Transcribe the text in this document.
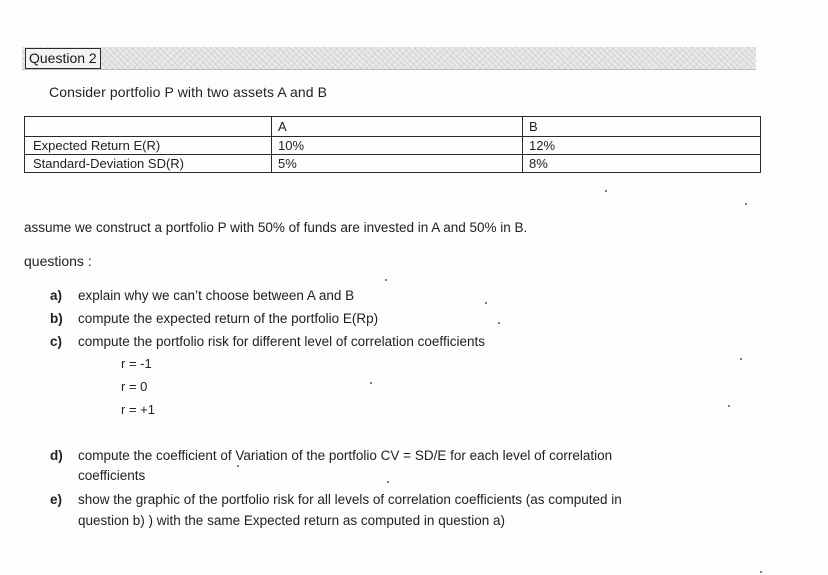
Question 2
Consider portfolio P with two assets A and B
	A	B
Expected Return E(R)	10%	12%
Standard-Deviation SD(R)	5%	8%
assume we construct a portfolio P with 50% of funds are invested in A and 50% in B.
questions :
a) explain why we can’t choose between A and B
b) compute the expected return of the portfolio E(Rp)
c) compute the portfolio risk for different level of correlation coefficients
r = -1
r = 0
r = +1
d) compute the coefficient of Variation of the portfolio CV = SD/E for each level of correlation
coefficients
e) show the graphic of the portfolio risk for all levels of correlation coefficients (as computed in
question b) ) with the same Expected return as computed in question a)
